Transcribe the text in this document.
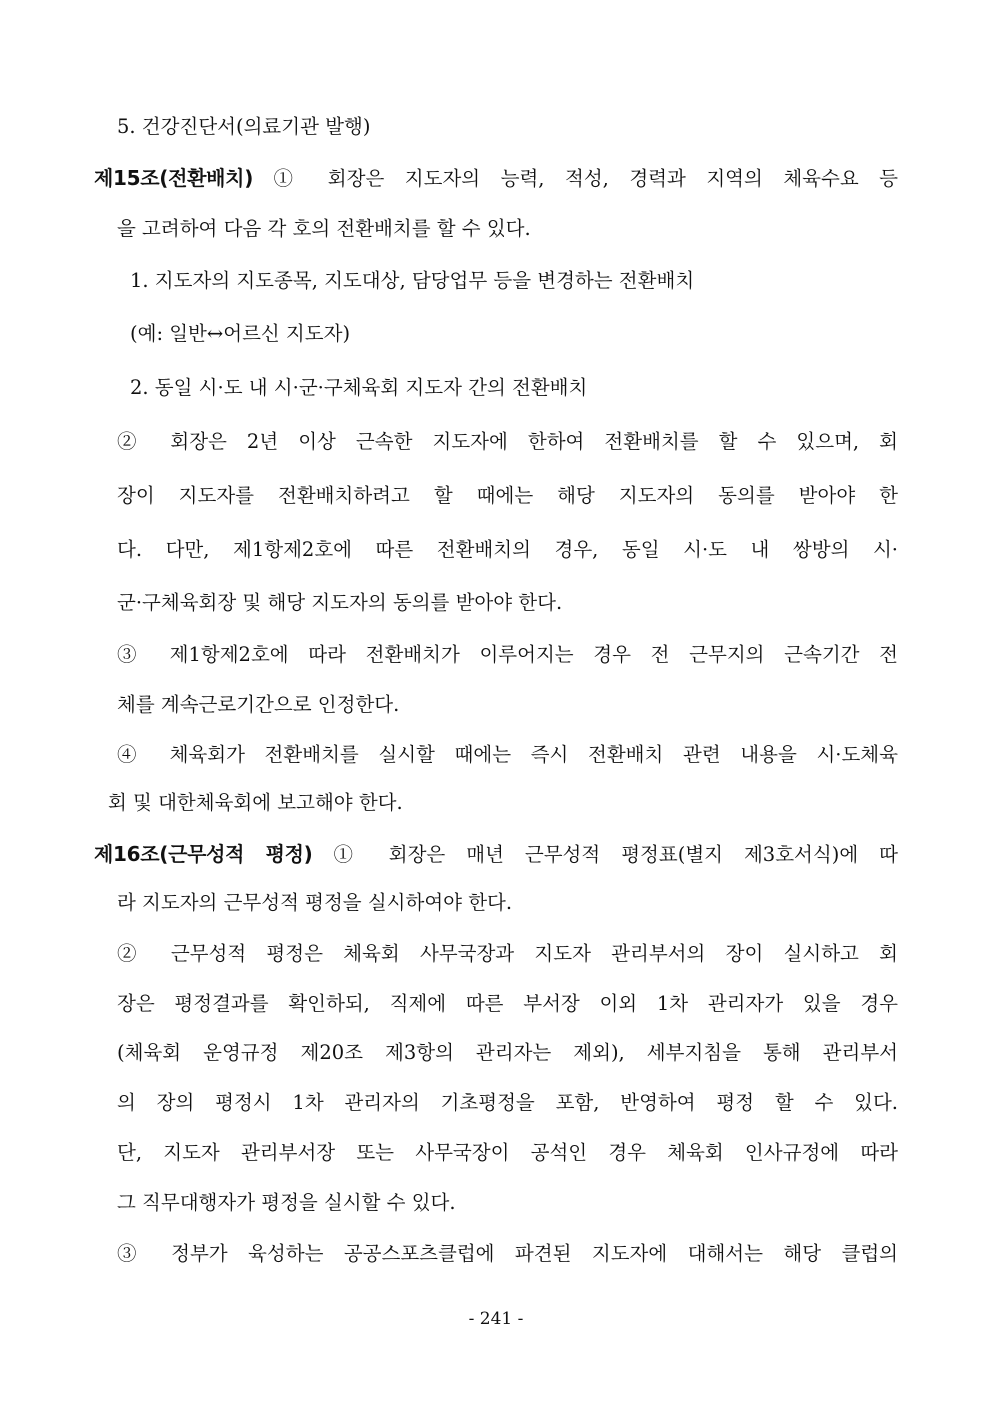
5. 건강진단서(의료기관 발행)
제15조(전환배치) ① 회장은 지도자의 능력, 적성, 경력과 지역의 체육수요 등
을 고려하여 다음 각 호의 전환배치를 할 수 있다.
1. 지도자의 지도종목, 지도대상, 담당업무 등을 변경하는 전환배치
(예: 일반↔어르신 지도자)
2. 동일 시·도 내 시·군·구체육회 지도자 간의 전환배치
② 회장은 2년 이상 근속한 지도자에 한하여 전환배치를 할 수 있으며, 회
장이 지도자를 전환배치하려고 할 때에는 해당 지도자의 동의를 받아야 한
다. 다만, 제1항제2호에 따른 전환배치의 경우, 동일 시·도 내 쌍방의 시·
군·구체육회장 및 해당 지도자의 동의를 받아야 한다.
③ 제1항제2호에 따라 전환배치가 이루어지는 경우 전 근무지의 근속기간 전
체를 계속근로기간으로 인정한다.
④ 체육회가 전환배치를 실시할 때에는 즉시 전환배치 관련 내용을 시·도체육
회 및 대한체육회에 보고해야 한다.
제16조(근무성적 평정) ① 회장은 매년 근무성적 평정표(별지 제3호서식)에 따
라 지도자의 근무성적 평정을 실시하여야 한다.
② 근무성적 평정은 체육회 사무국장과 지도자 관리부서의 장이 실시하고 회
장은 평정결과를 확인하되, 직제에 따른 부서장 이외 1차 관리자가 있을 경우
(체육회 운영규정 제20조 제3항의 관리자는 제외), 세부지침을 통해 관리부서
의 장의 평정시 1차 관리자의 기초평정을 포함, 반영하여 평정 할 수 있다.
단, 지도자 관리부서장 또는 사무국장이 공석인 경우 체육회 인사규정에 따라
그 직무대행자가 평정을 실시할 수 있다.
③ 정부가 육성하는 공공스포츠클럽에 파견된 지도자에 대해서는 해당 클럽의
- 241 -
